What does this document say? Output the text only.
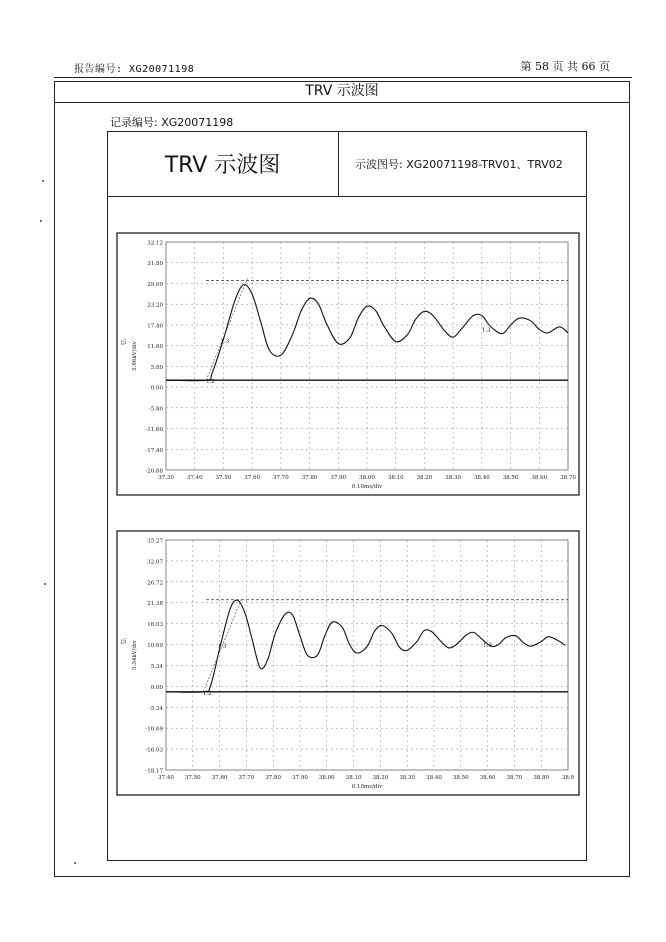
报告编号: XG20071198	第 58 页 共 66 页
TRV 示波图
记录编号: XG20071198
TRV 示波图	示波图号: XG20071198-TRV01、TRV02
32.12
31.80
29.09
23.20
17.40
11.60
5.80
0.00
-5.80
-11.60
-17.40
-20.88
37.30 37.40 37.50 37.60 37.70 37.80 37.90 38.00 38.10 38.20 38.30 38.40 38.50 38.60 38.70
Uᵢ 5.86kV/div
0.10ms/div
1.2
1.3
1.3
35.27
32.07
26.72
21.38
16.03
10.69
5.34
0.00
-5.34
-10.69
-16.03
-18.17
37.40 37.50 37.60 37.70 37.80 37.90 38.00 38.10 38.20 38.30 38.40 38.50 38.60 38.70 38.80 38.9
Uᵢ 5.34kV/div
0.10ms/div
1.2
1.3	1.3
